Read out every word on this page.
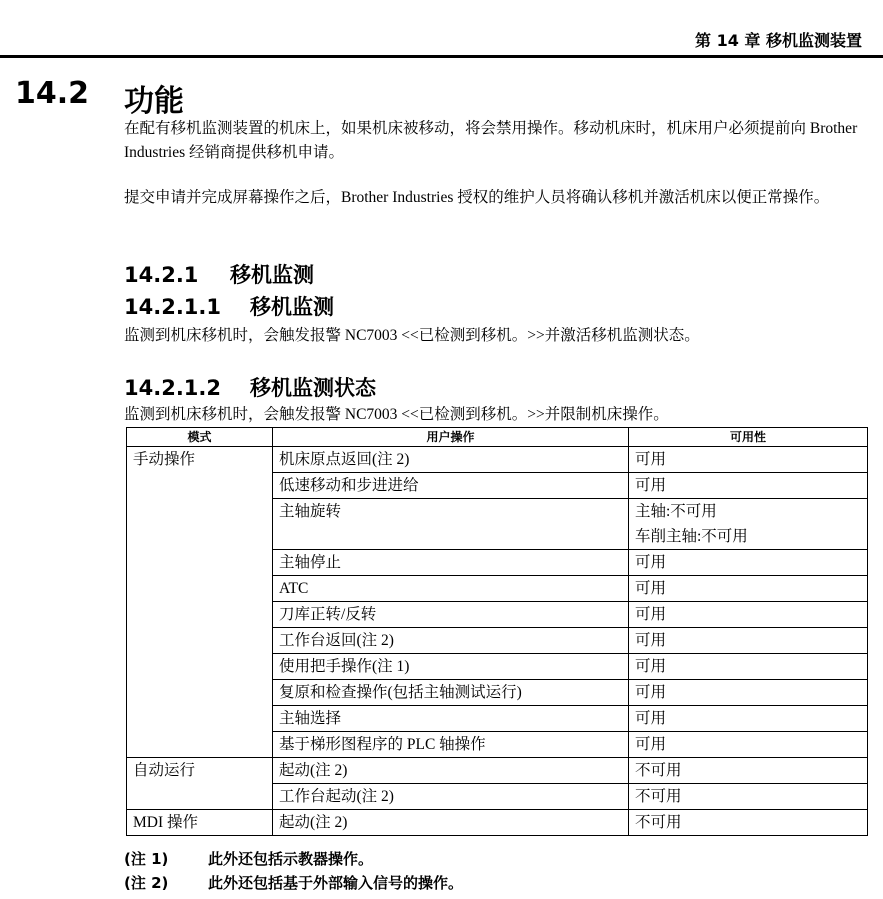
第 14 章 移机监测装置
14.2 功能
在配有移机监测装置的机床上，如果机床被移动，将会禁用操作。移动机床时，机床用户必须提前向 Brother Industries 经销商提供移机申请。
提交申请并完成屏幕操作之后，Brother Industries 授权的维护人员将确认移机并激活机床以便正常操作。
14.2.1 移机监测
14.2.1.1 移机监测
监测到机床移机时，会触发报警 NC7003 <<已检测到移机。>>并激活移机监测状态。
14.2.1.2 移机监测状态
监测到机床移机时，会触发报警 NC7003 <<已检测到移机。>>并限制机床操作。
模式	用户操作	可用性
手动操作	机床原点返回(注 2)	可用
	低速移动和步进进给	可用
	主轴旋转	主轴:不可用
车削主轴:不可用

	主轴停止	可用
	ATC	可用
	刀库正转/反转	可用
	工作台返回(注 2)	可用
	使用把手操作(注 1)	可用
	复原和检查操作(包括主轴测试运行)	可用
	主轴选择	可用
	基于梯形图程序的 PLC 轴操作	可用
自动运行	起动(注 2)	不可用
	工作台起动(注 2)	不可用
MDI 操作	起动(注 2)	不可用
(注 1)	此外还包括示教器操作。
(注 2)	此外还包括基于外部输入信号的操作。
